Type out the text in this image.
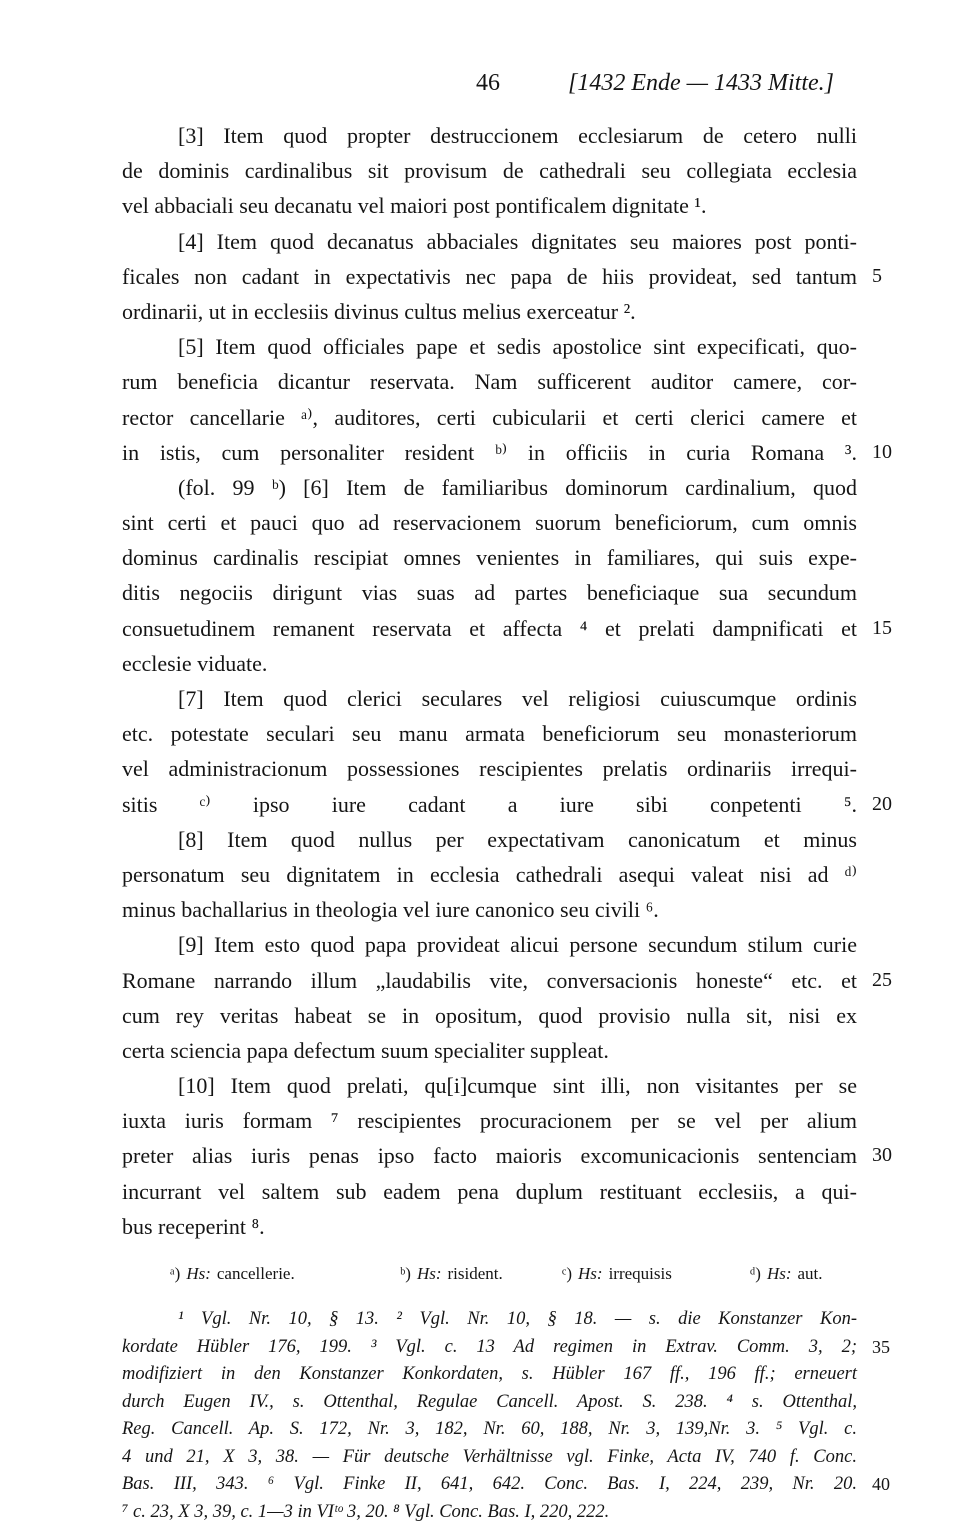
46	[1432 Ende — 1433 Mitte.]
[3] Item quod propter destruccionem ecclesiarum de cetero nulli
de dominis cardinalibus sit provisum de cathedrali seu collegiata ecclesia
vel abbaciali seu decanatu vel maiori post pontificalem dignitate ¹.
[4] Item quod decanatus abbaciales dignitates seu maiores post ponti-
ficales non cadant in expectativis nec papa de hiis provideat, sed tantum 5
ordinarii, ut in ecclesiis divinus cultus melius exerceatur ².
[5] Item quod officiales pape et sedis apostolice sint expecificati, quo-
rum beneficia dicantur reservata. Nam sufficerent auditor camere, cor-
rector cancellarie ᵃ⁾, auditores, certi cubicularii et certi clerici camere et
in istis, cum personaliter resident ᵇ⁾ in officiis in curia Romana ³. 10
(fol. 99 ᵇ) [6] Item de familiaribus dominorum cardinalium, quod
sint certi et pauci quo ad reservacionem suorum beneficiorum, cum omnis
dominus cardinalis rescipiat omnes venientes in familiares, qui suis expe-
ditis negociis dirigunt vias suas ad partes beneficiaque sua secundum
consuetudinem remanent reservata et affecta ⁴ et prelati dampnificati et 15
ecclesie viduate.
[7] Item quod clerici seculares vel religiosi cuiuscumque ordinis
etc. potestate seculari seu manu armata beneficiorum seu monasteriorum
vel administracionum possessiones rescipientes prelatis ordinariis irrequi-
sitis ᶜ⁾ ipso iure cadant a iure sibi conpetenti ⁵. 20
[8] Item quod nullus per expectativam canonicatum et minus
personatum seu dignitatem in ecclesia cathedrali asequi valeat nisi ad ᵈ⁾
minus bachallarius in theologia vel iure canonico seu civili ⁶.
[9] Item esto quod papa provideat alicui persone secundum stilum curie
Romane narrando illum „laudabilis vite, conversacionis honeste“ etc. et 25
cum rey veritas habeat se in opositum, quod provisio nulla sit, nisi ex
certa sciencia papa defectum suum specialiter suppleat.
[10] Item quod prelati, qu[i]cumque sint illi, non visitantes per se
iuxta iuris formam ⁷ rescipientes procuracionem per se vel per alium
preter alias iuris penas ipso facto maioris excomunicacionis sentenciam 30
incurrant vel saltem sub eadem pena duplum restituant ecclesiis, a qui-
bus receperint ⁸.
ᵃ) Hs: cancellerie.	ᵇ) Hs: risident.	ᶜ) Hs: irrequisis	ᵈ) Hs: aut.
¹ Vgl. Nr. 10, § 13. ² Vgl. Nr. 10, § 18. — s. die Konstanzer Kon-
kordate Hübler 176, 199. ³ Vgl. c. 13 Ad regimen in Extrav. Comm. 3, 2; 35
modifiziert in den Konstanzer Konkordaten, s. Hübler 167 ff., 196 ff.; erneuert
durch Eugen IV., s. Ottenthal, Regulae Cancell. Apost. S. 238. ⁴ s. Ottenthal,
Reg. Cancell. Ap. S. 172, Nr. 3, 182, Nr. 60, 188, Nr. 3, 139,Nr. 3. ⁵ Vgl. c.
4 und 21, X 3, 38. — Für deutsche Verhältnisse vgl. Finke, Acta IV, 740 f. Conc.
Bas. III, 343. ⁶ Vgl. Finke II, 641, 642. Conc. Bas. I, 224, 239, Nr. 20. 40
⁷ c. 23, X 3, 39, c. 1—3 in VIᵗᵒ 3, 20. ⁸ Vgl. Conc. Bas. I, 220, 222.
